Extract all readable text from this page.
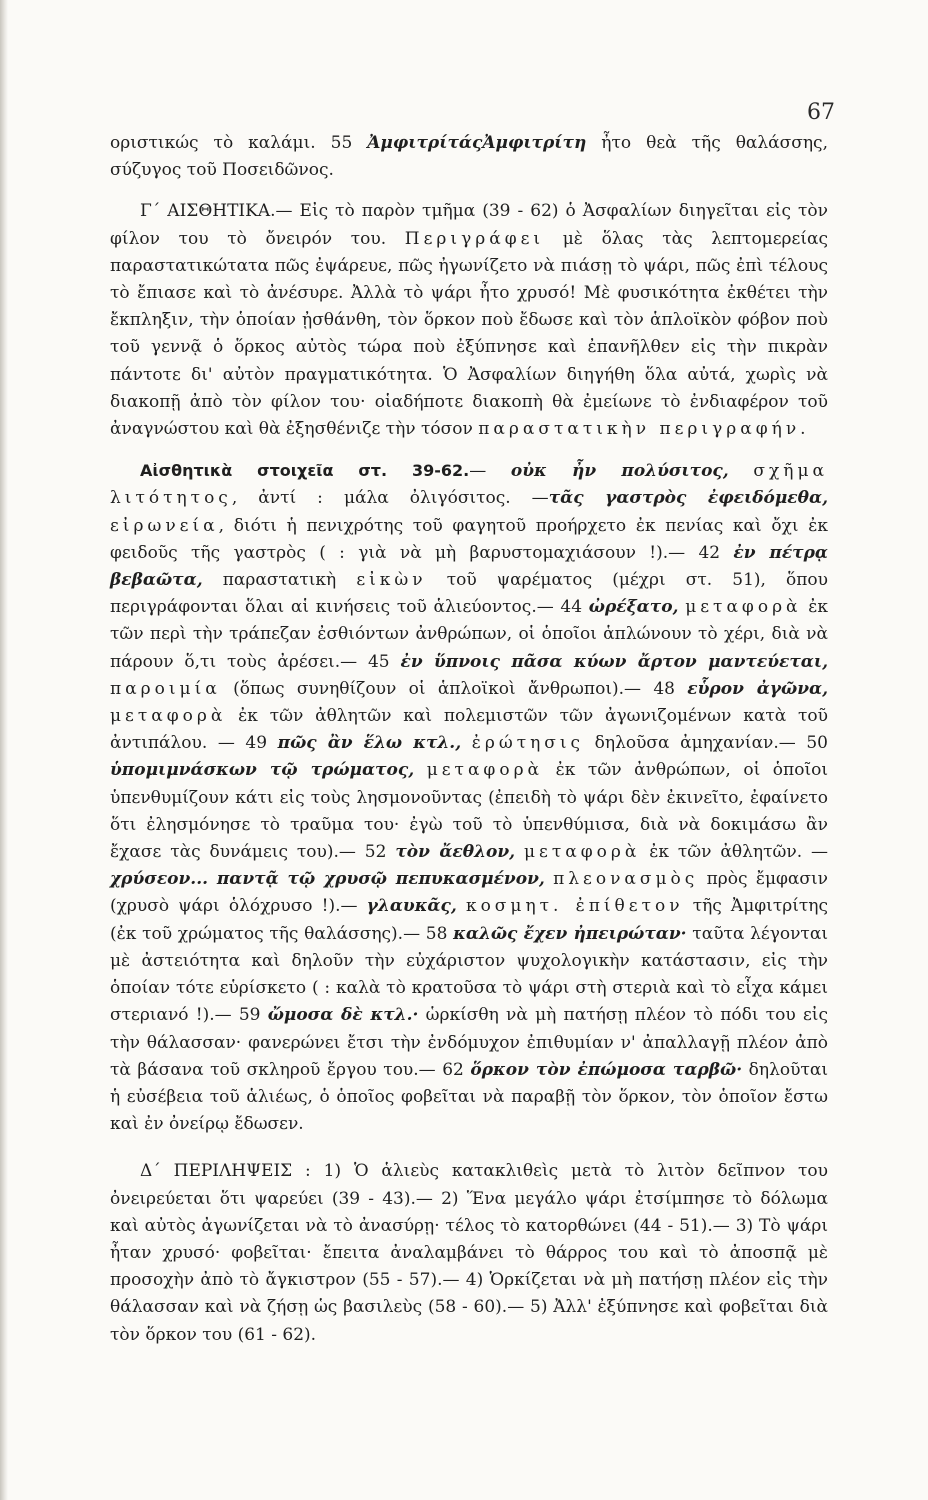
67

οριστικώς τὸ καλάμι. 55 ἈμφιτρίτάςἈμφιτρίτη ἦτο θεὰ τῆς θαλάσσης, σύζυγος τοῦ Ποσειδῶνος.

Γ΄ ΑΙΣΘΗΤΙΚΑ.— Εἰς τὸ παρὸν τμῆμα (39 - 62) ὁ Ἀσφαλίων διηγεῖται εἰς τὸν φίλον του τὸ ὄνειρόν του. Περιγράφει μὲ ὅλας τὰς λεπτομερείας παραστατικώτατα πῶς ἐψάρευε, πῶς ἠγωνίζετο νὰ πιάσῃ τὸ ψάρι, πῶς ἐπὶ τέλους τὸ ἔπιασε καὶ τὸ ἀνέσυρε. Ἀλλὰ τὸ ψάρι ἦτο χρυσό! Μὲ φυσικότητα ἐκθέτει τὴν ἔκπληξιν, τὴν ὁποίαν ᾐσθάνθη, τὸν ὅρκον ποὺ ἔδωσε καὶ τὸν ἁπλοϊκὸν φόβον ποὺ τοῦ γεννᾷ ὁ ὅρκος αὐτὸς τώρα ποὺ ἐξύπνησε καὶ ἐπανῆλθεν εἰς τὴν πικρὰν πάντοτε δι' αὐτὸν πραγματικότητα. Ὁ Ἀσφαλίων διηγήθη ὅλα αὐτά, χωρὶς νὰ διακοπῇ ἀπὸ τὸν φίλον του· οἱαδήποτε διακοπὴ θὰ ἐμείωνε τὸ ἐνδιαφέρον τοῦ ἀναγνώστου καὶ θὰ ἐξησθένιζε τὴν τόσον παραστατικὴν περιγραφήν.

Αἰσθητικὰ στοιχεῖα στ. 39-62.— οὐκ ἦν πολύσιτος, σχῆμα λιτότητος, ἀντί : μάλα ὀλιγόσιτος. —τᾶς γαστρὸς ἐφειδόμεθα, εἰρωνεία, διότι ἡ πενιχρότης τοῦ φαγητοῦ προήρχετο ἐκ πενίας καὶ ὄχι ἐκ φειδοῦς τῆς γαστρὸς ( : γιὰ νὰ μὴ βαρυστομαχιάσουν !).— 42 ἐν πέτρᾳ βεβαῶτα, παραστατικὴ εἰκὼν τοῦ ψαρέματος (μέχρι στ. 51), ὅπου περιγράφονται ὅλαι αἱ κινήσεις τοῦ ἁλιεύοντος.— 44 ὠρέξατο, μεταφορὰ ἐκ τῶν περὶ τὴν τράπεζαν ἐσθιόντων ἀνθρώπων, οἱ ὁποῖοι ἁπλώνουν τὸ χέρι, διὰ νὰ πάρουν ὅ,τι τοὺς ἀρέσει.— 45 ἐν ὕπνοις πᾶσα κύων ἄρτον μαντεύεται, παροιμία (ὅπως συνηθίζουν οἱ ἁπλοϊκοὶ ἄνθρωποι).— 48 εὗρον ἀγῶνα, μεταφορὰ ἐκ τῶν ἀθλητῶν καὶ πολεμιστῶν τῶν ἀγωνιζομένων κατὰ τοῦ ἀντιπάλου. — 49 πῶς ἂν ἕλω κτλ., ἐρώτησις δηλοῦσα ἀμηχανίαν.— 50 ὑπομιμνάσκων τῷ τρώματος, μεταφορὰ ἐκ τῶν ἀνθρώπων, οἱ ὁποῖοι ὑπενθυμίζουν κάτι εἰς τοὺς λησμονοῦντας (ἐπειδὴ τὸ ψάρι δὲν ἐκινεῖτο, ἐφαίνετο ὅτι ἐλησμόνησε τὸ τραῦμα του· ἐγὼ τοῦ τὸ ὑπενθύμισα, διὰ νὰ δοκιμάσω ἂν ἔχασε τὰς δυνάμεις του).— 52 τὸν ἄεθλον, μεταφορὰ ἐκ τῶν ἀθλητῶν. — χρύσεον... παντᾷ τῷ χρυσῷ πεπυκασμένον, πλεονασμὸς πρὸς ἔμφασιν (χρυσὸ ψάρι ὁλόχρυσο !).— γλαυκᾶς, κοσμητ. ἐπίθετον τῆς Ἀμφιτρίτης (ἐκ τοῦ χρώματος τῆς θαλάσσης).— 58 καλῶς ἔχεν ἠπειρώταν· ταῦτα λέγονται μὲ ἀστειότητα καὶ δηλοῦν τὴν εὐχάριστον ψυχολογικὴν κατάστασιν, εἰς τὴν ὁποίαν τότε εὑρίσκετο ( : καλὰ τὸ κρατοῦσα τὸ ψάρι στὴ στεριὰ καὶ τὸ εἶχα κάμει στεριανό !).— 59 ὤμοσα δὲ κτλ.· ὡρκίσθη νὰ μὴ πατήσῃ πλέον τὸ πόδι του εἰς τὴν θάλασσαν· φανερώνει ἔτσι τὴν ἐνδόμυχον ἐπιθυμίαν ν' ἀπαλλαγῇ πλέον ἀπὸ τὰ βάσανα τοῦ σκληροῦ ἔργου του.— 62 ὅρκον τὸν ἐπώμοσα ταρβῶ· δηλοῦται ἡ εὐσέβεια τοῦ ἁλιέως, ὁ ὁποῖος φοβεῖται νὰ παραβῇ τὸν ὅρκον, τὸν ὁποῖον ἔστω καὶ ἐν ὀνείρῳ ἔδωσεν.

Δ΄ ΠΕΡΙΛΗΨΕΙΣ : 1) Ὁ ἁλιεὺς κατακλιθεὶς μετὰ τὸ λιτὸν δεῖπνον του ὀνειρεύεται ὅτι ψαρεύει (39 - 43).— 2) Ἕνα μεγάλο ψάρι ἐτσίμπησε τὸ δόλωμα καὶ αὐτὸς ἀγωνίζεται νὰ τὸ ἀνασύρῃ· τέλος τὸ κατορθώνει (44 - 51).— 3) Τὸ ψάρι ἦταν χρυσό· φοβεῖται· ἔπειτα ἀναλαμβάνει τὸ θάρρος του καὶ τὸ ἀποσπᾷ μὲ προσοχὴν ἀπὸ τὸ ἄγκιστρον (55 - 57).— 4) Ὁρκίζεται νὰ μὴ πατήσῃ πλέον εἰς τὴν θάλασσαν καὶ νὰ ζήσῃ ὡς βασιλεὺς (58 - 60).— 5) Ἀλλ' ἐξύπνησε καὶ φοβεῖται διὰ τὸν ὅρκον του (61 - 62).
